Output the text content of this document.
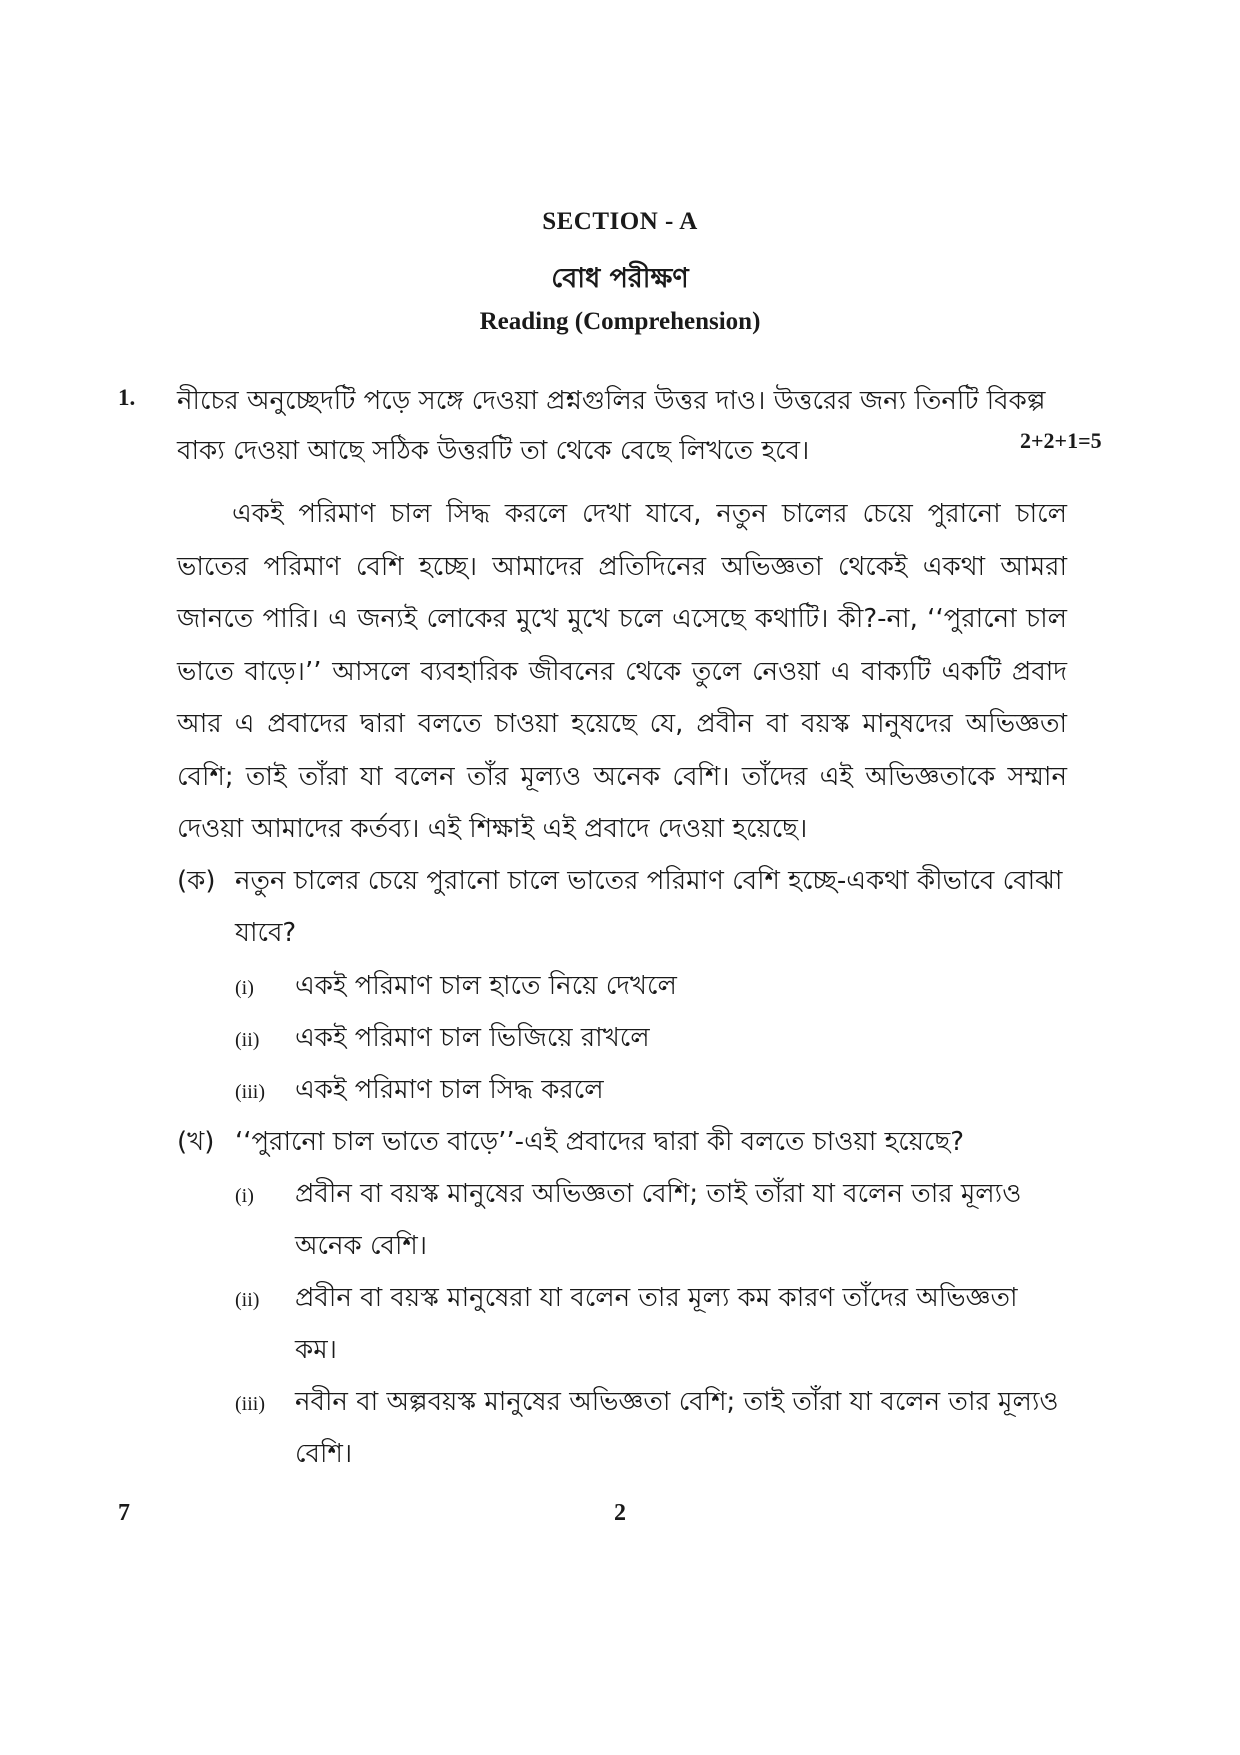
SECTION - A
বোধ পরীক্ষণ
Reading (Comprehension)
1. নীচের অনুচ্ছেদটি পড়ে সঙ্গে দেওয়া প্রশ্নগুলির উত্তর দাও। উত্তরের জন্য তিনটি বিকল্প বাক্য দেওয়া আছে সঠিক উত্তরটি তা থেকে বেছে লিখতে হবে।	2+2+1=5
একই পরিমাণ চাল সিদ্ধ করলে দেখা যাবে, নতুন চালের চেয়ে পুরানো চালে ভাতের পরিমাণ বেশি হচ্ছে। আমাদের প্রতিদিনের অভিজ্ঞতা থেকেই একথা আমরা জানতে পারি। এ জন্যই লোকের মুখে মুখে চলে এসেছে কথাটি। কী?-না, ‘‘পুরানো চাল ভাতে বাড়ে।’’ আসলে ব্যবহারিক জীবনের থেকে তুলে নেওয়া এ বাক্যটি একটি প্রবাদ আর এ প্রবাদের দ্বারা বলতে চাওয়া হয়েছে যে, প্রবীন বা বয়স্ক মানুষদের অভিজ্ঞতা বেশি; তাই তাঁরা যা বলেন তাঁর মূল্যও অনেক বেশি। তাঁদের এই অভিজ্ঞতাকে সম্মান দেওয়া আমাদের কর্তব্য। এই শিক্ষাই এই প্রবাদে দেওয়া হয়েছে।
(ক) নতুন চালের চেয়ে পুরানো চালে ভাতের পরিমাণ বেশি হচ্ছে-একথা কীভাবে বোঝা যাবে?
(i) একই পরিমাণ চাল হাতে নিয়ে দেখলে
(ii) একই পরিমাণ চাল ভিজিয়ে রাখলে
(iii) একই পরিমাণ চাল সিদ্ধ করলে
(খ) ‘‘পুরানো চাল ভাতে বাড়ে’’-এই প্রবাদের দ্বারা কী বলতে চাওয়া হয়েছে?
(i) প্রবীন বা বয়স্ক মানুষের অভিজ্ঞতা বেশি; তাই তাঁরা যা বলেন তার মূল্যও অনেক বেশি।
(ii) প্রবীন বা বয়স্ক মানুষেরা যা বলেন তার মূল্য কম কারণ তাঁদের অভিজ্ঞতা কম।
(iii) নবীন বা অল্পবয়স্ক মানুষের অভিজ্ঞতা বেশি; তাই তাঁরা যা বলেন তার মূল্যও বেশি।
7	2
